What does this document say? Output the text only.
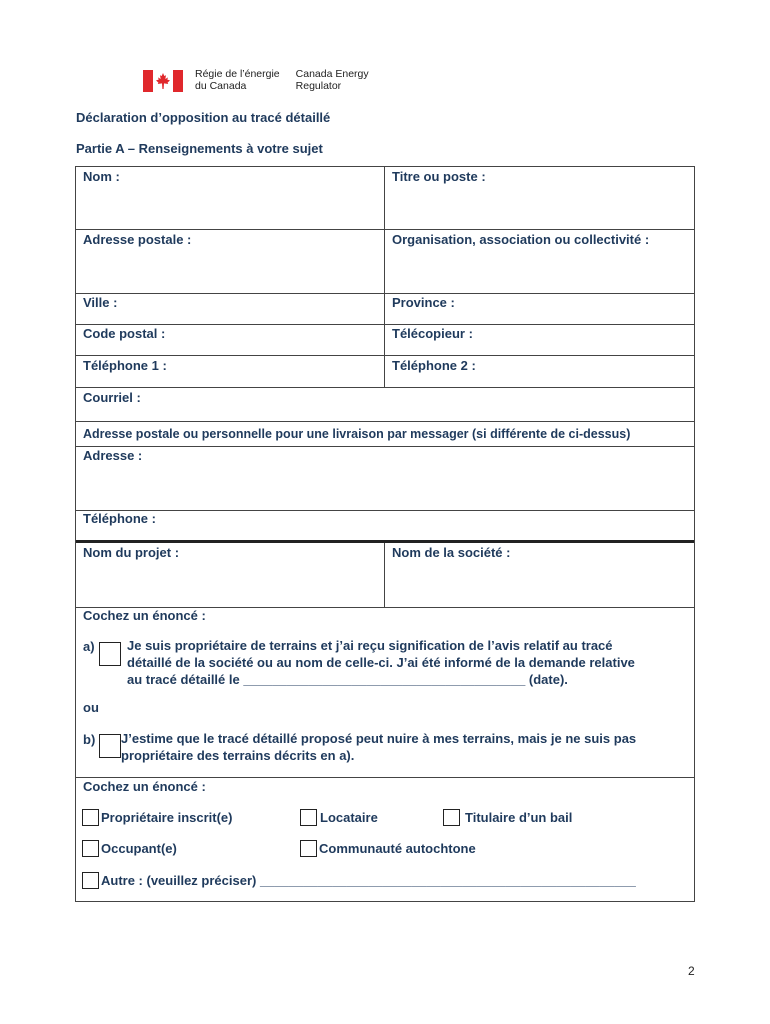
Régie de l’énergie
du Canada
Canada Energy
Regulator
Déclaration d’opposition au tracé détaillé
Partie A – Renseignements à votre sujet
Nom :	Titre ou poste :
Adresse postale :	Organisation, association ou collectivité :
Ville :	Province :
Code postal :	Télécopieur :
Téléphone 1 :	Téléphone 2 :
Courriel :
Adresse postale ou personnelle pour une livraison par messager (si différente de ci-dessus)
Adresse :
Téléphone :
Nom du projet :	Nom de la société :
Cochez un énoncé :
a) Je suis propriétaire de terrains et j’ai reçu signification de l’avis relatif au tracé
détaillé de la société ou au nom de celle-ci. J’ai été informé de la demande relative
au tracé détaillé le _______________________________________ (date).
ou
b) J’estime que le tracé détaillé proposé peut nuire à mes terrains, mais je ne suis pas
propriétaire des terrains décrits en a).
Cochez un énoncé :
Propriétaire inscrit(e)	Locataire	Titulaire d’un bail
Occupant(e)	Communauté autochtone
Autre : (veuillez préciser) ____________________________________________________
2
